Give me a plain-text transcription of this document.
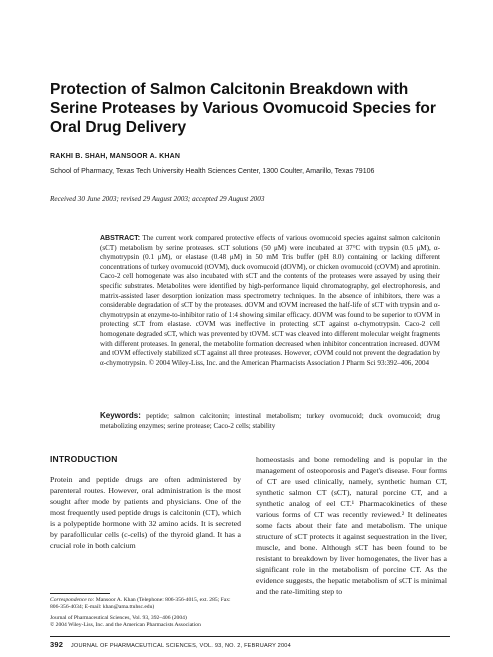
Protection of Salmon Calcitonin Breakdown with Serine Proteases by Various Ovomucoid Species for Oral Drug Delivery
RAKHI B. SHAH, MANSOOR A. KHAN
School of Pharmacy, Texas Tech University Health Sciences Center, 1300 Coulter, Amarillo, Texas 79106
Received 30 June 2003; revised 29 August 2003; accepted 29 August 2003
ABSTRACT: The current work compared protective effects of various ovomucoid species against salmon calcitonin (sCT) metabolism by serine proteases. sCT solutions (50 μM) were incubated at 37°C with trypsin (0.5 μM), α-chymotrypsin (0.1 μM), or elastase (0.48 μM) in 50 mM Tris buffer (pH 8.0) containing or lacking different concentrations of turkey ovomucoid (tOVM), duck ovomucoid (dOVM), or chicken ovomucoid (cOVM) and aprotinin. Caco-2 cell homogenate was also incubated with sCT and the contents of the proteases were assayed by using their specific substrates. Metabolites were identified by high-performance liquid chromatography, gel electrophoresis, and matrix-assisted laser desorption ionization mass spectrometry techniques. In the absence of inhibitors, there was a considerable degradation of sCT by the proteases. dOVM and tOVM increased the half-life of sCT with trypsin and α-chymotrypsin at enzyme-to-inhibitor ratio of 1:4 showing similar efficacy. dOVM was found to be superior to tOVM in protecting sCT from elastase. cOVM was ineffective in protecting sCT against α-chymotrypsin. Caco-2 cell homogenate degraded sCT, which was prevented by tOVM. sCT was cleaved into different molecular weight fragments with different proteases. In general, the metabolite formation decreased when inhibitor concentration increased. dOVM and tOVM effectively stabilized sCT against all three proteases. However, cOVM could not prevent the degradation by α-chymotrypsin. © 2004 Wiley-Liss, Inc. and the American Pharmacists Association J Pharm Sci 93:392–406, 2004
Keywords: peptide; salmon calcitonin; intestinal metabolism; turkey ovomucoid; duck ovomucoid; drug metabolizing enzymes; serine protease; Caco-2 cells; stability
INTRODUCTION
Protein and peptide drugs are often administered by parenteral routes. However, oral administration is the most sought after mode by patients and physicians. One of the most frequently used peptide drugs is calcitonin (CT), which is a polypeptide hormone with 32 amino acids. It is secreted by parafollicular cells (c-cells) of the thyroid gland. It has a crucial role in both calcium
homeostasis and bone remodeling and is popular in the management of osteoporosis and Paget's disease. Four forms of CT are used clinically, namely, synthetic human CT, synthetic salmon CT (sCT), natural porcine CT, and a synthetic analog of eel CT.¹ Pharmacokinetics of these various forms of CT was recently reviewed.² It delineates some facts about their fate and metabolism. The unique structure of sCT protects it against sequestration in the liver, muscle, and bone. Although sCT has been found to be resistant to breakdown by liver homogenates, the liver has a significant role in the metabolism of porcine CT. As the evidence suggests, the hepatic metabolism of sCT is minimal and the rate-limiting step to

Correspondence to: Mansoor A. Khan (Telephone: 806-356-4015, ext. 285; Fax: 806-356-4034; E-mail: khan@ama.ttuhsc.edu)

Journal of Pharmaceutical Sciences, Vol. 93, 392–406 (2004)

© 2004 Wiley-Liss, Inc. and the American Pharmacists Association

392 JOURNAL OF PHARMACEUTICAL SCIENCES, VOL. 93, NO. 2, FEBRUARY 2004
